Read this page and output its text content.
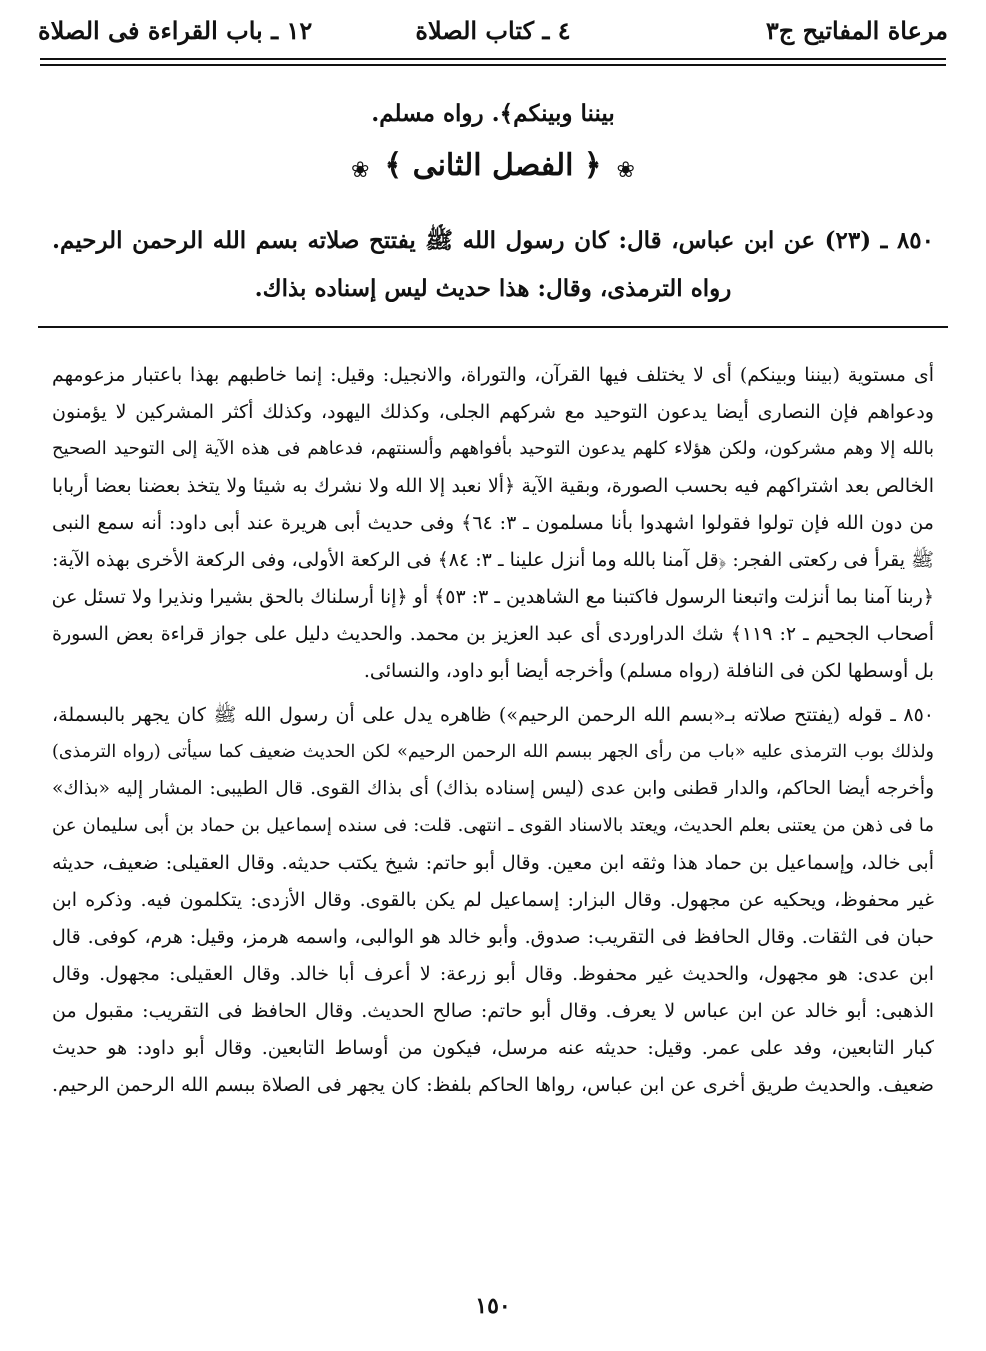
مرعاة المفاتيح ج٣
٤ ـ كتاب الصلاة
١٢ ـ باب القراءة فى الصلاة
بيننا وبينكم﴾. رواه مسلم.
❀ ﴿ الفصل الثانى ﴾ ❀
٨٥٠ ـ (٢٣) عن ابن عباس، قال: كان رسول الله ﷺ يفتتح صلاته بسم الله الرحمن الرحيم.
رواه الترمذى، وقال: هذا حديث ليس إسناده بذاك.
أى مستوية (بيننا وبينكم) أى لا يختلف فيها القرآن، والتوراة، والانجيل: وقيل: إنما خاطبهم بهذا باعتبار مزعومهم
ودعواهم فإن النصارى أيضا يدعون التوحيد مع شركهم الجلى، وكذلك اليهود، وكذلك أكثر المشركين لا يؤمنون
بالله إلا وهم مشركون، ولكن هؤلاء كلهم يدعون التوحيد بأفواههم وألسنتهم، فدعاهم فى هذه الآية إلى التوحيد الصحيح
الخالص بعد اشتراكهم فيه بحسب الصورة، وبقية الآية ﴿ألا نعبد إلا الله ولا نشرك به شيئا ولا يتخذ بعضنا بعضا أربابا
من دون الله فإن تولوا فقولوا اشهدوا بأنا مسلمون ـ ٣: ٦٤﴾ وفى حديث أبى هريرة عند أبى داود: أنه سمع النبى
ﷺ يقرأ فى ركعتى الفجر: ﴿قل آمنا بالله وما أنزل علينا ـ ٣: ٨٤﴾ فى الركعة الأولى، وفى الركعة الأخرى بهذه الآية:
﴿ربنا آمنا بما أنزلت واتبعنا الرسول فاكتبنا مع الشاهدين ـ ٣: ٥٣﴾ أو ﴿إنا أرسلناك بالحق بشيرا ونذيرا ولا تسئل عن
أصحاب الجحيم ـ ٢: ١١٩﴾ شك الدراوردى أى عبد العزيز بن محمد. والحديث دليل على جواز قراءة بعض السورة
بل أوسطها لكن فى النافلة (رواه مسلم) وأخرجه أيضا أبو داود، والنسائى.
٨٥٠ ـ قوله (يفتتح صلاته بـ«بسم الله الرحمن الرحيم») ظاهره يدل على أن رسول الله ﷺ كان يجهر بالبسملة،
ولذلك بوب الترمذى عليه «باب من رأى الجهر ببسم الله الرحمن الرحيم» لكن الحديث ضعيف كما سيأتى (رواه الترمذى)
وأخرجه أيضا الحاكم، والدار قطنى وابن عدى (ليس إسناده بذاك) أى بذاك القوى. قال الطيبى: المشار إليه «بذاك»
ما فى ذهن من يعتنى بعلم الحديث، ويعتد بالاسناد القوى ـ انتهى. قلت: فى سنده إسماعيل بن حماد بن أبى سليمان عن
أبى خالد، وإسماعيل بن حماد هذا وثقه ابن معين. وقال أبو حاتم: شيخ يكتب حديثه. وقال العقيلى: ضعيف، حديثه
غير محفوظ، ويحكيه عن مجهول. وقال البزار: إسماعيل لم يكن بالقوى. وقال الأزدى: يتكلمون فيه. وذكره ابن
حبان فى الثقات. وقال الحافظ فى التقريب: صدوق. وأبو خالد هو الوالبى، واسمه هرمز، وقيل: هرم، كوفى. قال
ابن عدى: هو مجهول، والحديث غير محفوظ. وقال أبو زرعة: لا أعرف أبا خالد. وقال العقيلى: مجهول. وقال
الذهبى: أبو خالد عن ابن عباس لا يعرف. وقال أبو حاتم: صالح الحديث. وقال الحافظ فى التقريب: مقبول من
كبار التابعين، وفد على عمر. وقيل: حديثه عنه مرسل، فيكون من أوساط التابعين. وقال أبو داود: هو حديث
ضعيف. والحديث طريق أخرى عن ابن عباس، رواها الحاكم بلفظ: كان يجهر فى الصلاة ببسم الله الرحمن الرحيم.
١٥٠
